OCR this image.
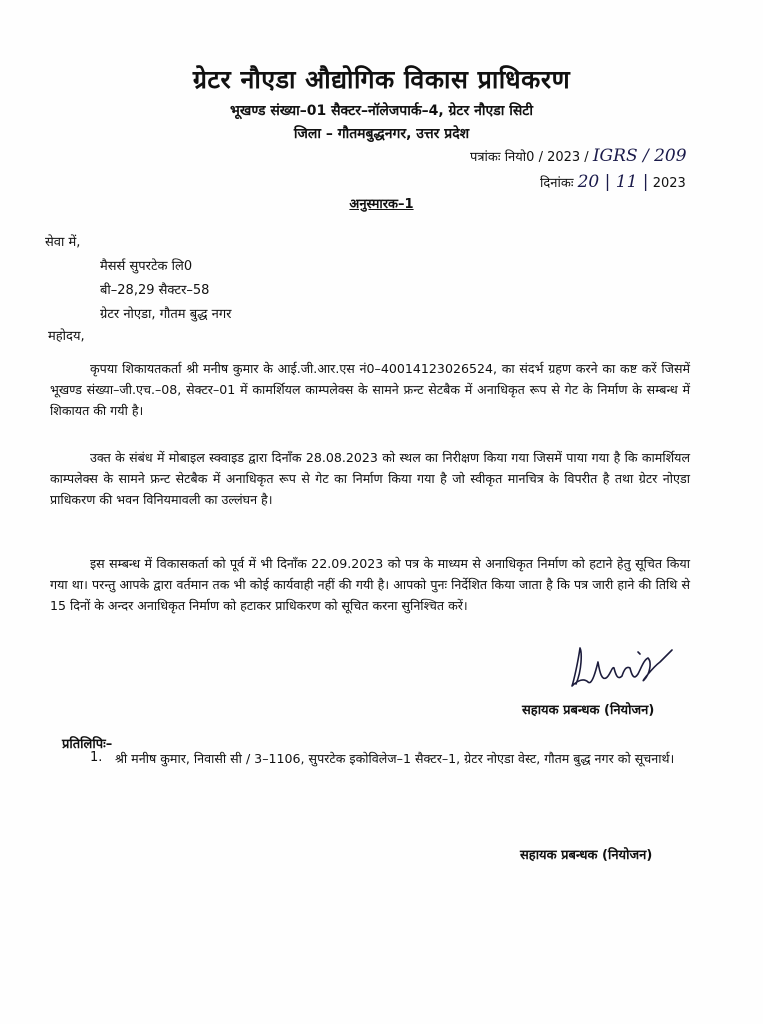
ग्रेटर नौएडा औद्योगिक विकास प्राधिकरण
भूखण्ड संख्या–01 सैक्टर–नॉलेजपार्क–4, ग्रेटर नौएडा सिटी
जिला – गौतमबुद्धनगर, उत्तर प्रदेश
पत्रांकः नियो0 / 2023 / IGRS / 209
दिनांकः 20 | 11 | 2023
अनुस्मारक–1
सेवा में,
मैसर्स सुपरटेक लि0
बी–28,29 सैक्टर–58
ग्रेटर नोएडा, गौतम बुद्ध नगर
महोदय,

कृपया शिकायतकर्ता श्री मनीष कुमार के आई.जी.आर.एस नं0–40014123026524, का संदर्भ ग्रहण करने का कष्ट करें जिसमें भूखण्ड संख्या–जी.एच.–08, सेक्टर–01 में कामर्शियल काम्पलेक्स के सामने फ्रन्ट सेटबैक में अनाधिकृत रूप से गेट के निर्माण के सम्बन्ध में शिकायत की गयी है।

उक्त के संबंध में मोबाइल स्क्वाइड द्वारा दिनाँक 28.08.2023 को स्थल का निरीक्षण किया गया जिसमें पाया गया है कि कामर्शियल काम्पलेक्स के सामने फ्रन्ट सेटबैक में अनाधिकृत रूप से गेट का निर्माण किया गया है जो स्वीकृत मानचित्र के विपरीत है तथा ग्रेटर नोएडा प्राधिकरण की भवन विनियमावली का उल्लंघन है।

इस सम्बन्ध में विकासकर्ता को पूर्व में भी दिनाँक 22.09.2023 को पत्र के माध्यम से अनाधिकृत निर्माण को हटाने हेतु सूचित किया गया था। परन्तु आपके द्वारा वर्तमान तक भी कोई कार्यवाही नहीं की गयी है। आपको पुनः निर्देशित किया जाता है कि पत्र जारी हाने की तिथि से 15 दिनों के अन्दर अनाधिकृत निर्माण को हटाकर प्राधिकरण को सूचित करना सुनिश्चित करें।

सहायक प्रबन्धक (नियोजन)
प्रतिलिपिः–
1. श्री मनीष कुमार, निवासी सी / 3–1106, सुपरटेक इकोविलेज–1 सैक्टर–1, ग्रेटर नोएडा वेस्ट, गौतम बुद्ध नगर को सूचनार्थ।

सहायक प्रबन्धक (नियोजन)
